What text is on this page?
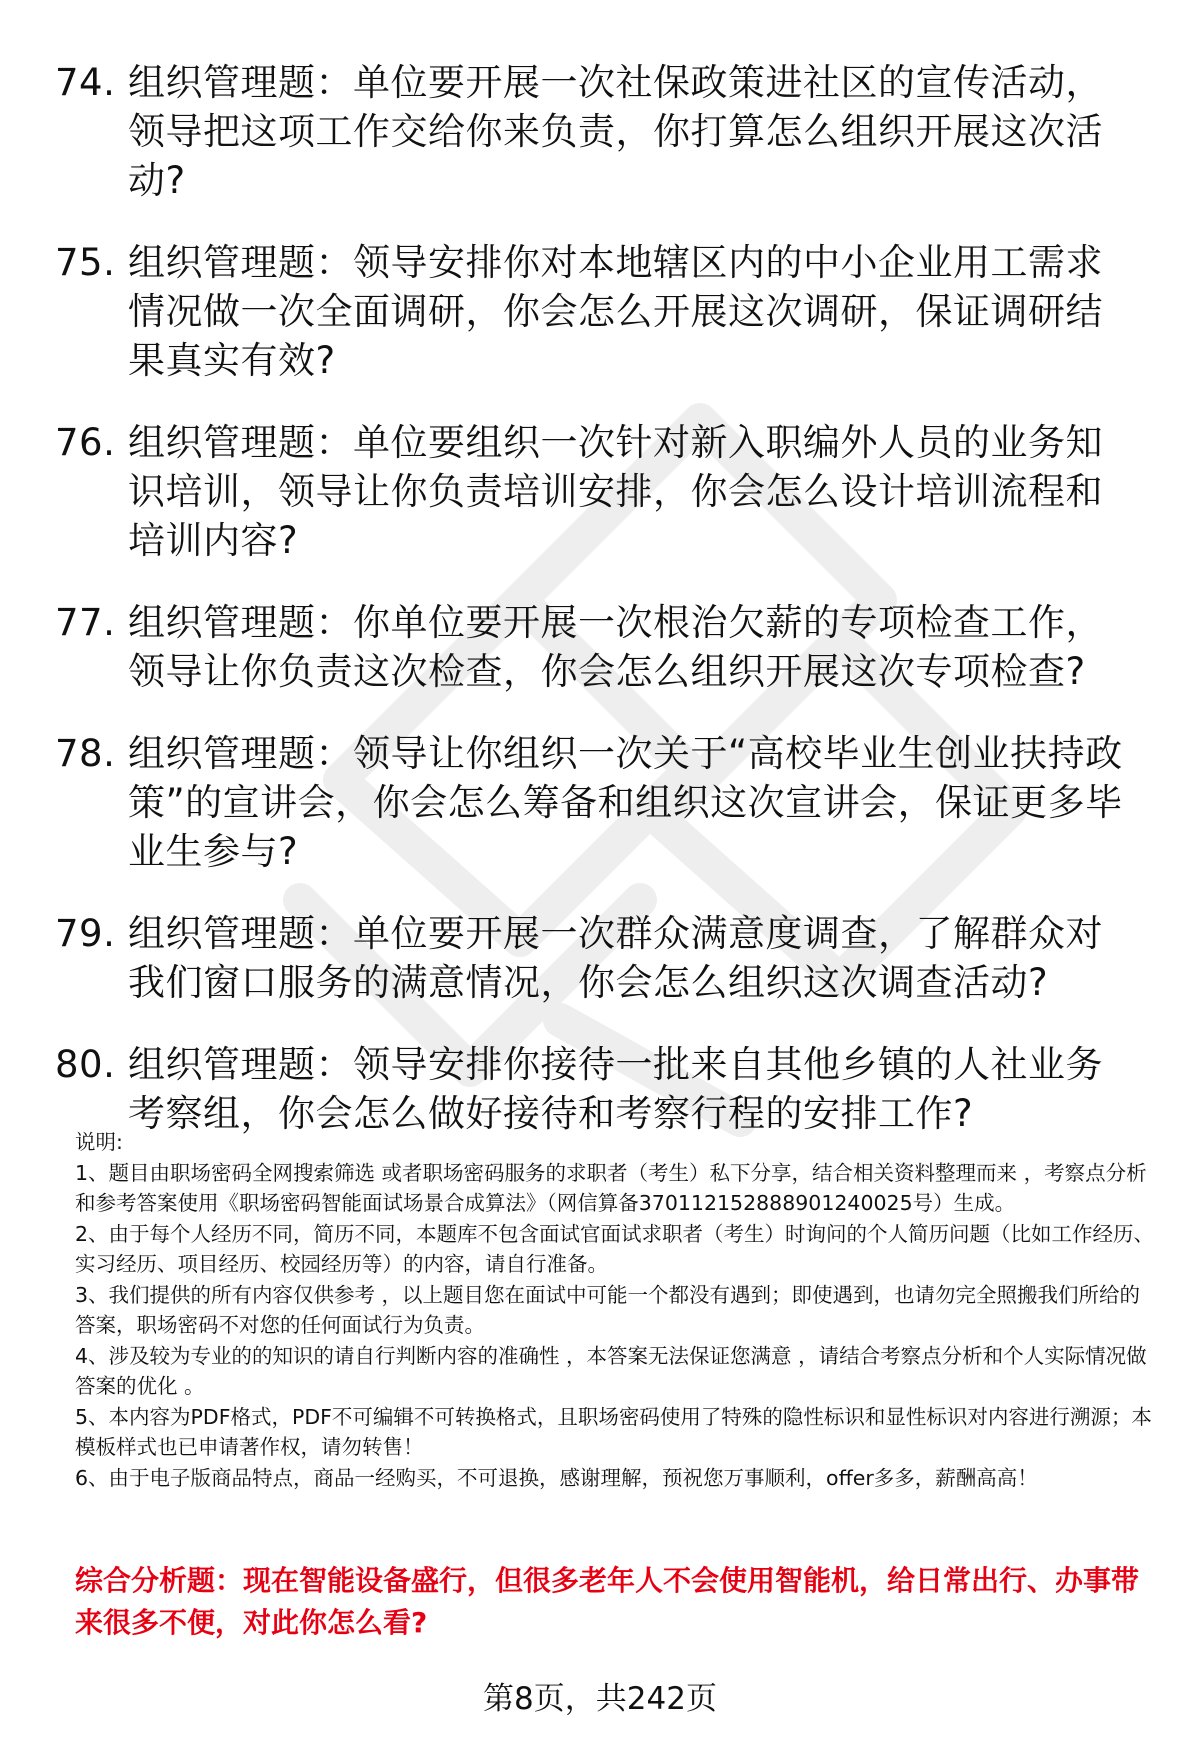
74. 组织管理题：单位要开展一次社保政策进社区的宣传活动，领导把这项工作交给你来负责，你打算怎么组织开展这次活动?
75. 组织管理题：领导安排你对本地辖区内的中小企业用工需求情况做一次全面调研，你会怎么开展这次调研，保证调研结果真实有效?
76. 组织管理题：单位要组织一次针对新入职编外人员的业务知识培训，领导让你负责培训安排，你会怎么设计培训流程和培训内容?
77. 组织管理题：你单位要开展一次根治欠薪的专项检查工作，领导让你负责这次检查，你会怎么组织开展这次专项检查?
78. 组织管理题：领导让你组织一次关于“高校毕业生创业扶持政策”的宣讲会，你会怎么筹备和组织这次宣讲会，保证更多毕业生参与?
79. 组织管理题：单位要开展一次群众满意度调查，了解群众对我们窗口服务的满意情况，你会怎么组织这次调查活动?
80. 组织管理题：领导安排你接待一批来自其他乡镇的人社业务考察组，你会怎么做好接待和考察行程的安排工作?

说明:

1、题目由职场密码全网搜索筛选 或者职场密码服务的求职者（考生）私下分享，结合相关资料整理而来 ，考察点分析和参考答案使用《职场密码智能面试场景合成算法》（网信算备370112152888901240025号）生成。

2、由于每个人经历不同，简历不同，本题库不包含面试官面试求职者（考生）时询问的个人简历问题（比如工作经历、实习经历、项目经历、校园经历等）的内容，请自行准备。

3、我们提供的所有内容仅供参考 ，以上题目您在面试中可能一个都没有遇到；即使遇到，也请勿完全照搬我们所给的答案，职场密码不对您的任何面试行为负责。

4、涉及较为专业的的知识的请自行判断内容的准确性 ，本答案无法保证您满意 ，请结合考察点分析和个人实际情况做答案的优化 。

5、本内容为PDF格式，PDF不可编辑不可转换格式，且职场密码使用了特殊的隐性标识和显性标识对内容进行溯源；本模板样式也已申请著作权，请勿转售！

6、由于电子版商品特点，商品一经购买，不可退换，感谢理解，预祝您万事顺利，offer多多，薪酬高高！

综合分析题：现在智能设备盛行，但很多老年人不会使用智能机，给日常出行、办事带来很多不便，对此你怎么看?
第8页，共242页
